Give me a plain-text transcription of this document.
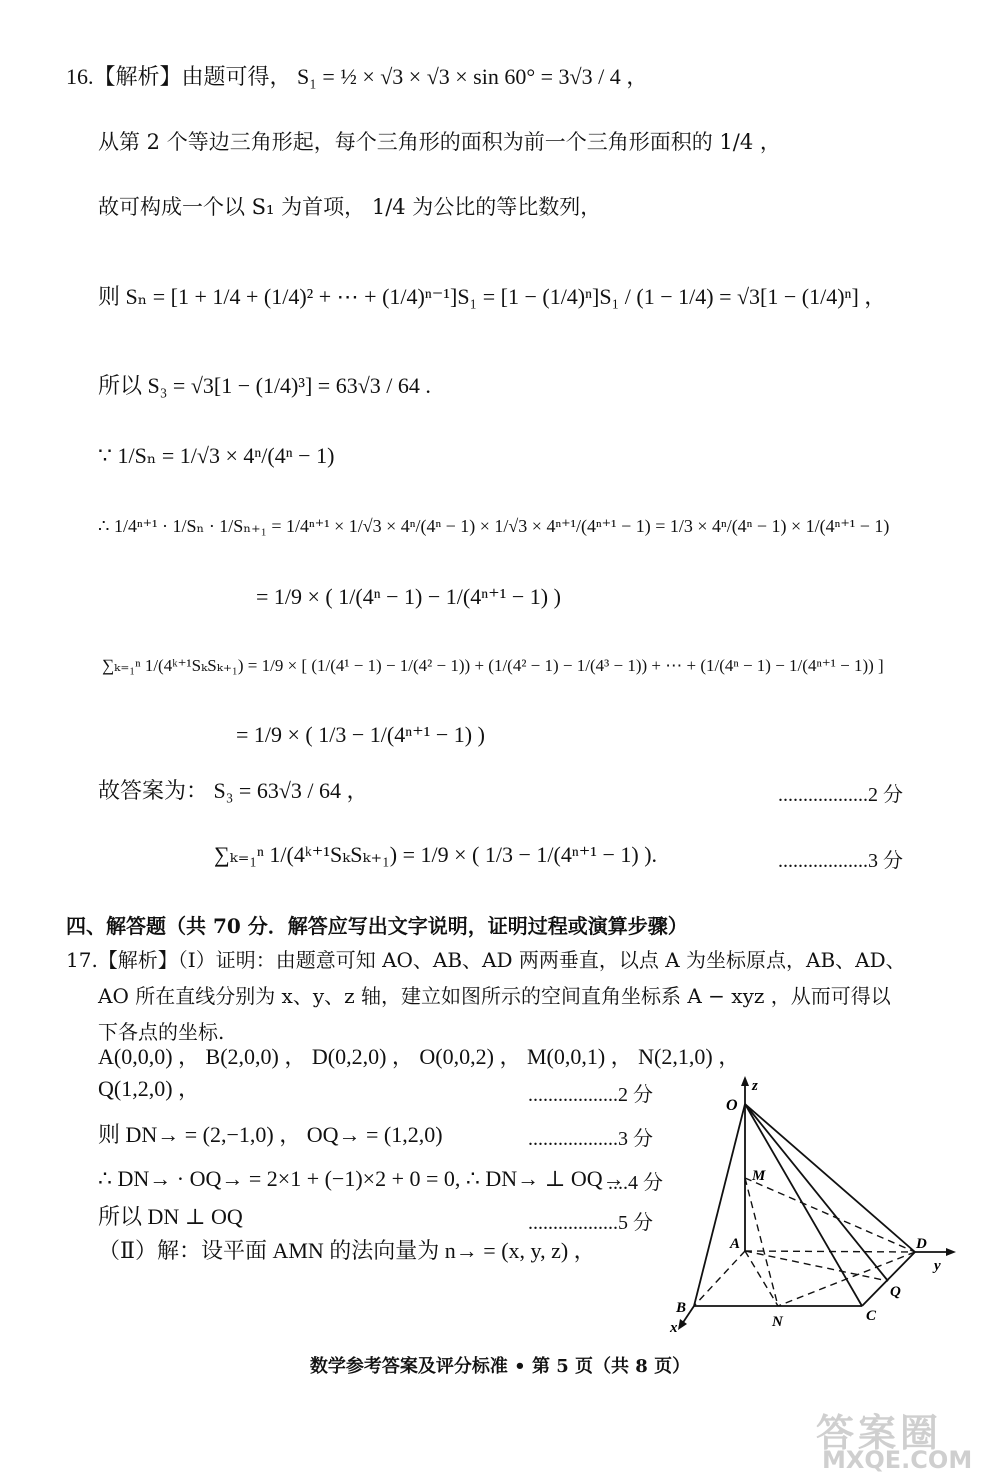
16.【解析】由题可得， S₁ = ½ × √3 × √3 × sin 60° = 3√3 / 4 ，
从第 2 个等边三角形起，每个三角形的面积为前一个三角形面积的 1/4 ，
故可构成一个以 S₁ 为首项， 1/4 为公比的等比数列，
则 Sₙ = [1 + 1/4 + (1/4)² + ⋯ + (1/4)ⁿ⁻¹]S₁ = [1 − (1/4)ⁿ]S₁ / (1 − 1/4) = √3[1 − (1/4)ⁿ] ，
所以 S₃ = √3[1 − (1/4)³] = 63√3 / 64 .
∵ 1/Sₙ = 1/√3 × 4ⁿ/(4ⁿ − 1)
∴ 1/4ⁿ⁺¹ · 1/Sₙ · 1/Sₙ₊₁ = 1/4ⁿ⁺¹ × 1/√3 × 4ⁿ/(4ⁿ − 1) × 1/√3 × 4ⁿ⁺¹/(4ⁿ⁺¹ − 1) = 1/3 × 4ⁿ/(4ⁿ − 1) × 1/(4ⁿ⁺¹ − 1)
= 1/9 × ( 1/(4ⁿ − 1) − 1/(4ⁿ⁺¹ − 1) )
∑ₖ₌₁ⁿ 1/(4ᵏ⁺¹SₖSₖ₊₁) = 1/9 × [ (1/(4¹ − 1) − 1/(4² − 1)) + (1/(4² − 1) − 1/(4³ − 1)) + ⋯ + (1/(4ⁿ − 1) − 1/(4ⁿ⁺¹ − 1)) ]
= 1/9 × ( 1/3 − 1/(4ⁿ⁺¹ − 1) )
故答案为： S₃ = 63√3 / 64 ，	..................2 分
∑ₖ₌₁ⁿ 1/(4ᵏ⁺¹SₖSₖ₊₁) = 1/9 × ( 1/3 − 1/(4ⁿ⁺¹ − 1) ).	..................3 分
四、解答题（共 70 分．解答应写出文字说明，证明过程或演算步骤）
17.【解析】（Ⅰ）证明：由题意可知 AO、AB、AD 两两垂直，以点 A 为坐标原点，AB、AD、
AO 所在直线分别为 x、y、z 轴，建立如图所示的空间直角坐标系 A − xyz ，从而可得以
下各点的坐标.
A(0,0,0) ， B(2,0,0) ， D(0,2,0) ， O(0,0,2) ， M(0,0,1) ， N(2,1,0) ，
Q(1,2,0) ，	..................2 分
则 DN→ = (2,−1,0) ， OQ→ = (1,2,0)	..................3 分
∴ DN→ · OQ→ = 2×1 + (−1)×2 + 0 = 0, ∴ DN→ ⊥ OQ→
....4 分
所以 DN ⊥ OQ	..................5 分
（Ⅱ）解：设平面 AMN 的法向量为 n→ = (x, y, z) ，
z
O
M
A	D
y
Q
B	C
N
x
数学参考答案及评分标准 • 第 5 页（共 8 页）
答案圈
MXQE.COM
